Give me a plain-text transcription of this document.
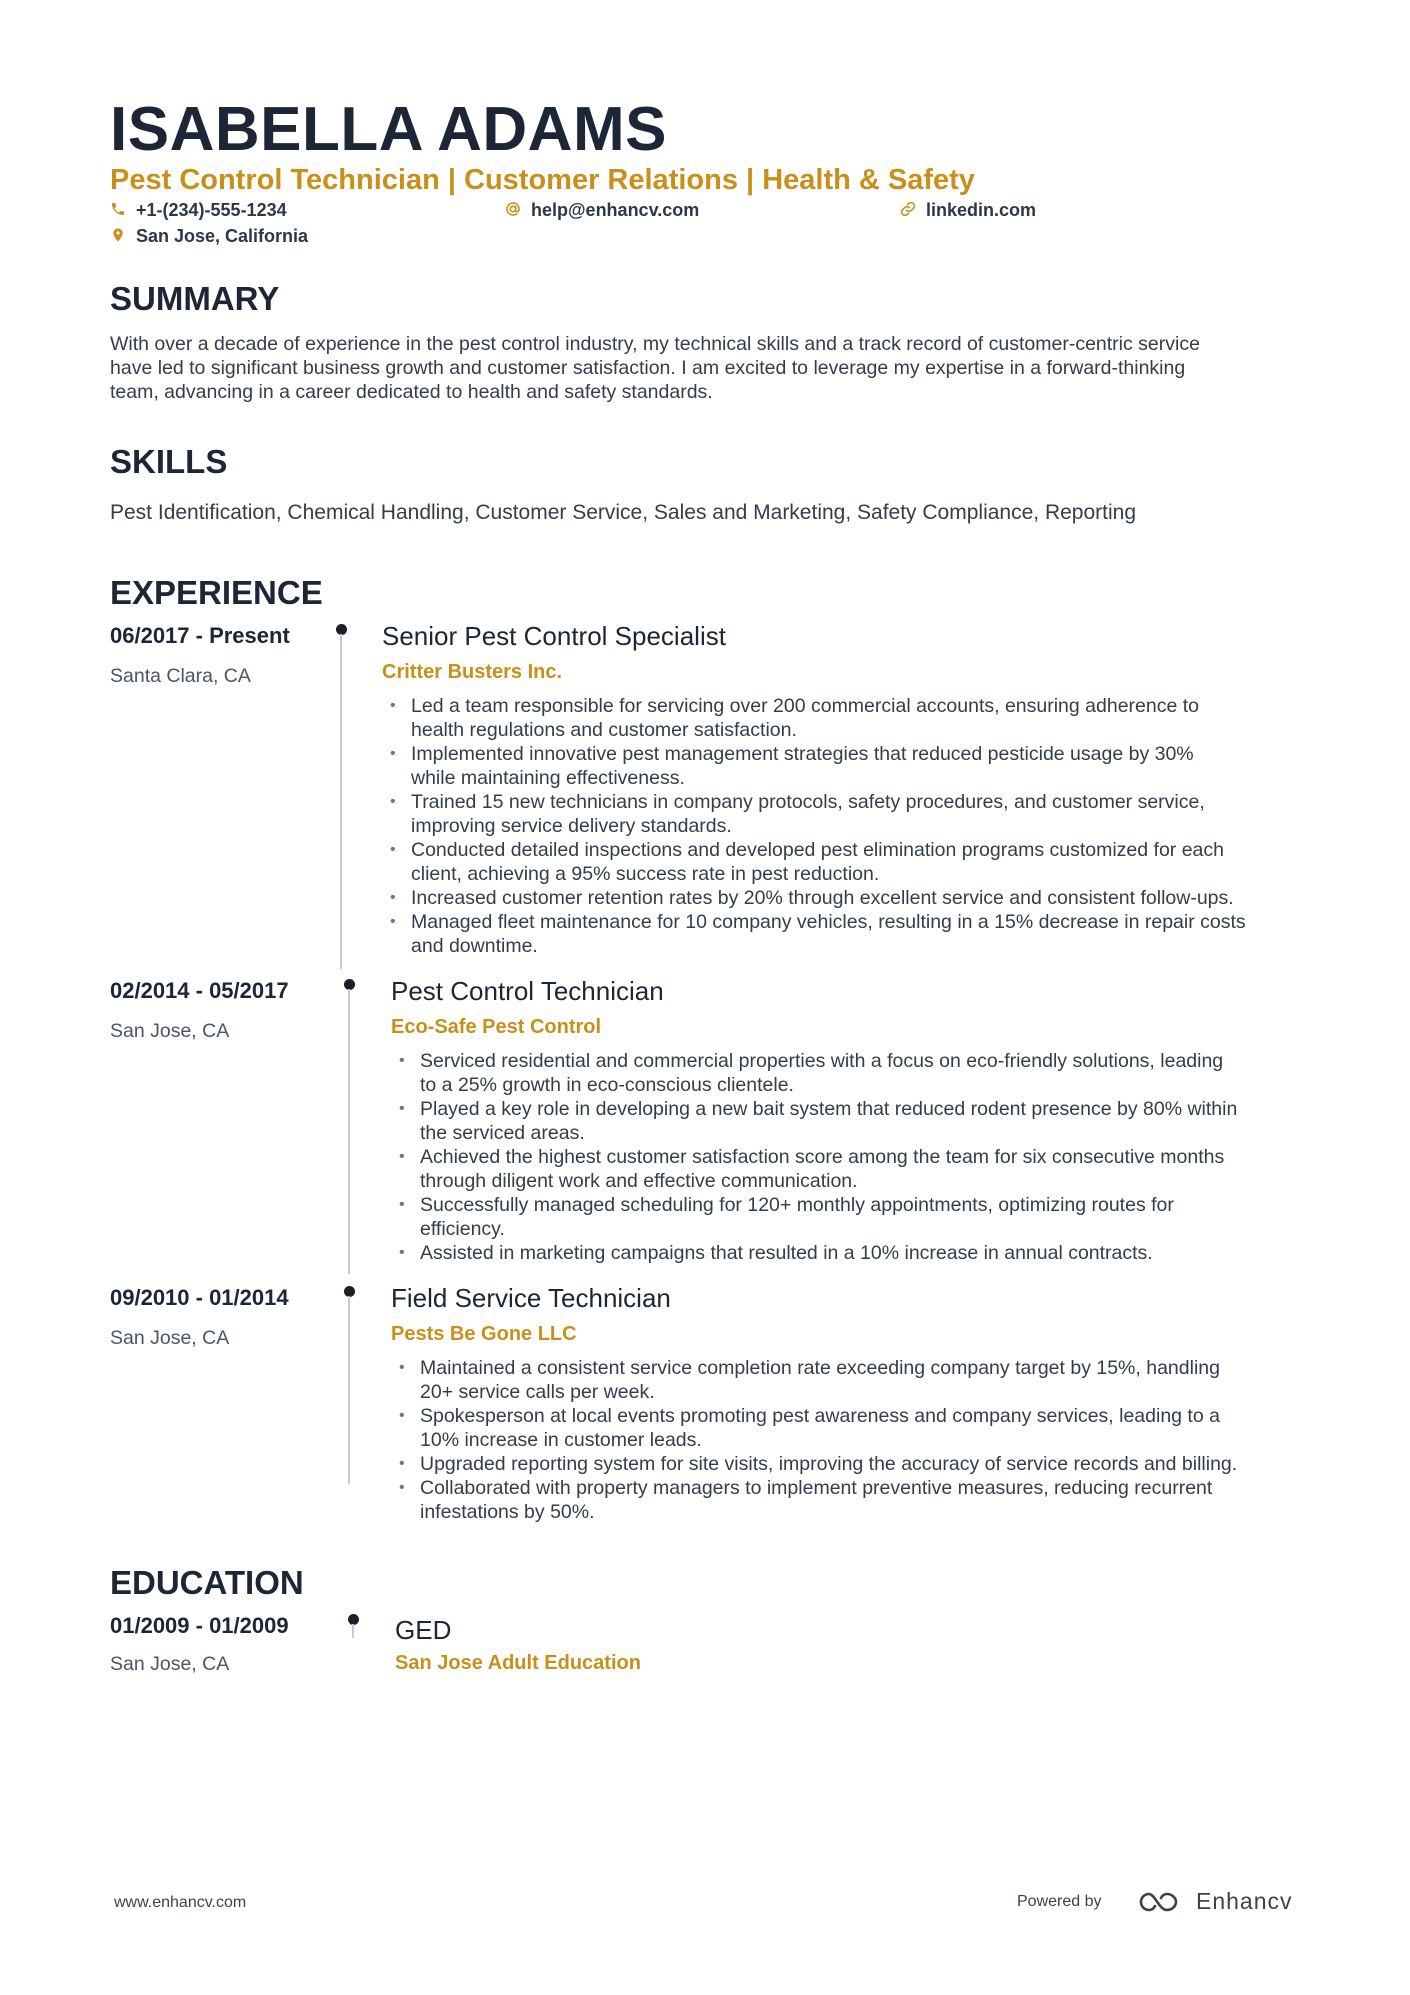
ISABELLA ADAMS
Pest Control Technician | Customer Relations | Health & Safety
+1-(234)-555-1234	help@enhancv.com	linkedin.com
San Jose, California
SUMMARY

With over a decade of experience in the pest control industry, my technical skills and a track record of customer-centric service
have led to significant business growth and customer satisfaction. I am excited to leverage my expertise in a forward-thinking
team, advancing in a career dedicated to health and safety standards.

SKILLS

Pest Identification, Chemical Handling, Customer Service, Sales and Marketing, Safety Compliance, Reporting

EXPERIENCE
06/2017 - Present
Santa Clara, CA
Senior Pest Control Specialist
Critter Busters Inc.
• Led a team responsible for servicing over 200 commercial accounts, ensuring adherence to
health regulations and customer satisfaction.
• Implemented innovative pest management strategies that reduced pesticide usage by 30%
while maintaining effectiveness.
• Trained 15 new technicians in company protocols, safety procedures, and customer service,
improving service delivery standards.
• Conducted detailed inspections and developed pest elimination programs customized for each
client, achieving a 95% success rate in pest reduction.
• Increased customer retention rates by 20% through excellent service and consistent follow-ups.
• Managed fleet maintenance for 10 company vehicles, resulting in a 15% decrease in repair costs
and downtime.
02/2014 - 05/2017
San Jose, CA
Pest Control Technician
Eco-Safe Pest Control
• Serviced residential and commercial properties with a focus on eco-friendly solutions, leading
to a 25% growth in eco-conscious clientele.
• Played a key role in developing a new bait system that reduced rodent presence by 80% within
the serviced areas.
• Achieved the highest customer satisfaction score among the team for six consecutive months
through diligent work and effective communication.
• Successfully managed scheduling for 120+ monthly appointments, optimizing routes for
efficiency.
• Assisted in marketing campaigns that resulted in a 10% increase in annual contracts.
09/2010 - 01/2014
San Jose, CA
Field Service Technician
Pests Be Gone LLC
• Maintained a consistent service completion rate exceeding company target by 15%, handling
20+ service calls per week.
• Spokesperson at local events promoting pest awareness and company services, leading to a
10% increase in customer leads.
• Upgraded reporting system for site visits, improving the accuracy of service records and billing.
• Collaborated with property managers to implement preventive measures, reducing recurrent
infestations by 50%.
EDUCATION
01/2009 - 01/2009
San Jose, CA
GED
San Jose Adult Education
www.enhancv.com	Powered by	Enhancv
